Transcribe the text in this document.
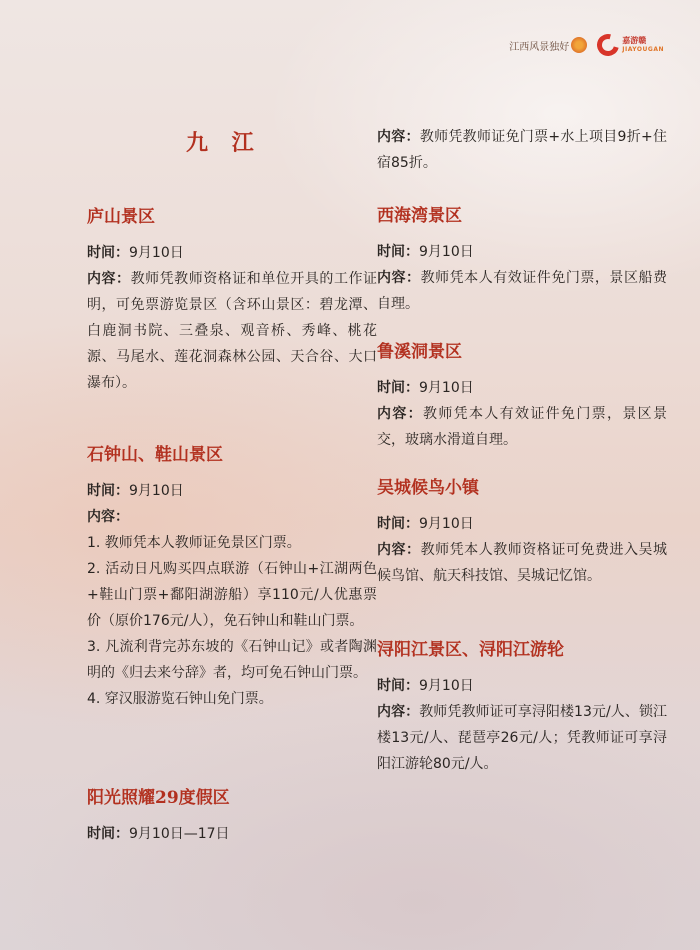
江西风景独好
嘉游赣
JIAYOUGAN
九 江
庐山景区

时间：9月10日

内容：教师凭教师资格证和单位开具的工作证明，可免票游览景区（含环山景区：碧龙潭、白鹿洞书院、三叠泉、观音桥、秀峰、桃花源、马尾水、莲花洞森林公园、天合谷、大口瀑布）。

石钟山、鞋山景区

时间：9月10日

内容：

1. 教师凭本人教师证免景区门票。

2. 活动日凡购买四点联游（石钟山+江湖两色+鞋山门票+鄱阳湖游船）享110元/人优惠票价（原价176元/人），免石钟山和鞋山门票。

3. 凡流利背完苏东坡的《石钟山记》或者陶渊明的《归去来兮辞》者，均可免石钟山门票。

4. 穿汉服游览石钟山免门票。

阳光照耀29度假区

时间：9月10日—17日

内容：教师凭教师证免门票+水上项目9折+住宿85折。

西海湾景区

时间：9月10日

内容：教师凭本人有效证件免门票，景区船费自理。

鲁溪洞景区

时间：9月10日

内容：教师凭本人有效证件免门票，景区景交，玻璃水滑道自理。

吴城候鸟小镇

时间：9月10日

内容：教师凭本人教师资格证可免费进入吴城候鸟馆、航天科技馆、吴城记忆馆。

浔阳江景区、浔阳江游轮

时间：9月10日

内容：教师凭教师证可享浔阳楼13元/人、锁江楼13元/人、琵琶亭26元/人；凭教师证可享浔阳江游轮80元/人。
